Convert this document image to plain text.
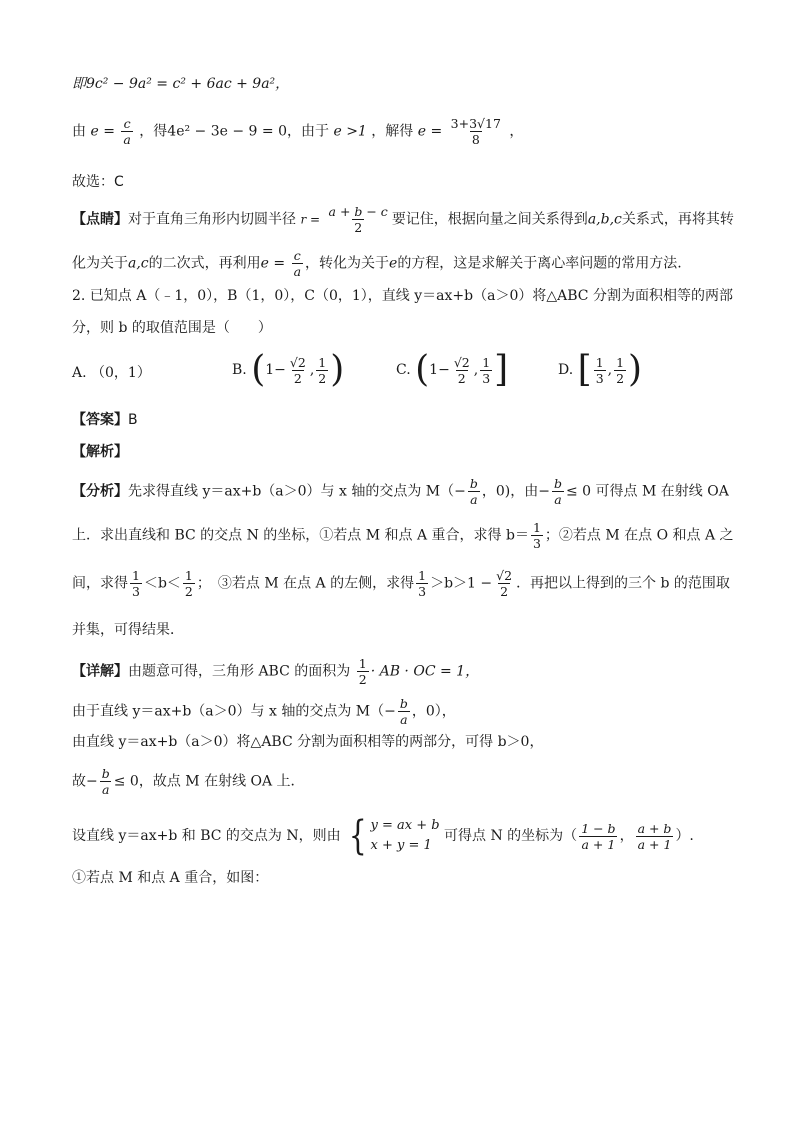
即9c² − 9a² = c² + 6ac + 9a²，
由 $e = \frac{c}{a}$ ，得4e² − 3e − 9 = 0，由于 e >1 ，解得 $e = \frac{3+3√17}{8}$ ，
故选：C
【点睛】对于直角三角形内切圆半径 $r = \frac{a + b - c}{2}$ 要记住，根据向量之间关系得到a,b,c关系式，再将其转
化为关于a,c的二次式，再利用$e = \frac{c}{a}$ ，转化为关于e的方程，这是求解关于离心率问题的常用方法.
2. 已知点 A（﹣1，0），B（1，0），C（0，1），直线 y＝ax+b（a＞0）将△ABC 分割为面积相等的两部
分，则 b 的取值范围是（　　）
A. （0，1）	B. ($1- \frac{√2}{2}$ , $\frac{1}{2}$ )	C. ($1- \frac{√2}{2}$ , $\frac{1}{3}$ ]	D. [ $\frac{1}{3}$ , $\frac{1}{2}$ )
【答案】B
【解析】
【分析】先求得直线 y＝ax+b（a＞0）与 x 轴的交点为 $M(- \frac{b}{a}$ ，0)，由− $\frac{b}{a} \le 0$ 可得点 M 在射线 OA
上．求出直线和 BC 的交点 N 的坐标，①若点 M 和点 A 重合，求得 $b= \frac{1}{3}$ ；②若点 M 在点 O 和点 A 之
间，求得 $\frac{1}{3} <b< \frac{1}{2}$ ；　③若点 M 在点 A 的左侧，求得 $\frac{1}{3} >b>1 - \frac{√2}{2}$ ．再把以上得到的三个 b 的范围取
并集，可得结果．
【详解】由题意可得，三角形 ABC 的面积为 $\frac{1}{2}$ · AB · OC = 1，
由于直线 y＝ax+b（a＞0）与 x 轴的交点为 $M(- \frac{b}{a}$ ，0），
由直线 y＝ax+b（a＞0）将△ABC 分割为面积相等的两部分，可得 b＞0，
故− $\frac{b}{a} \le 0$，故点 M 在射线 OA 上．
设直线 y＝ax+b 和 BC 的交点为 N，则由 { y = ax + b
x + y = 1
可得点 N 的坐标为（ $\frac{1 - b}{a + 1}$ ， $\frac{a + b}{a + 1}$ ）.
①若点 M 和点 A 重合，如图：
